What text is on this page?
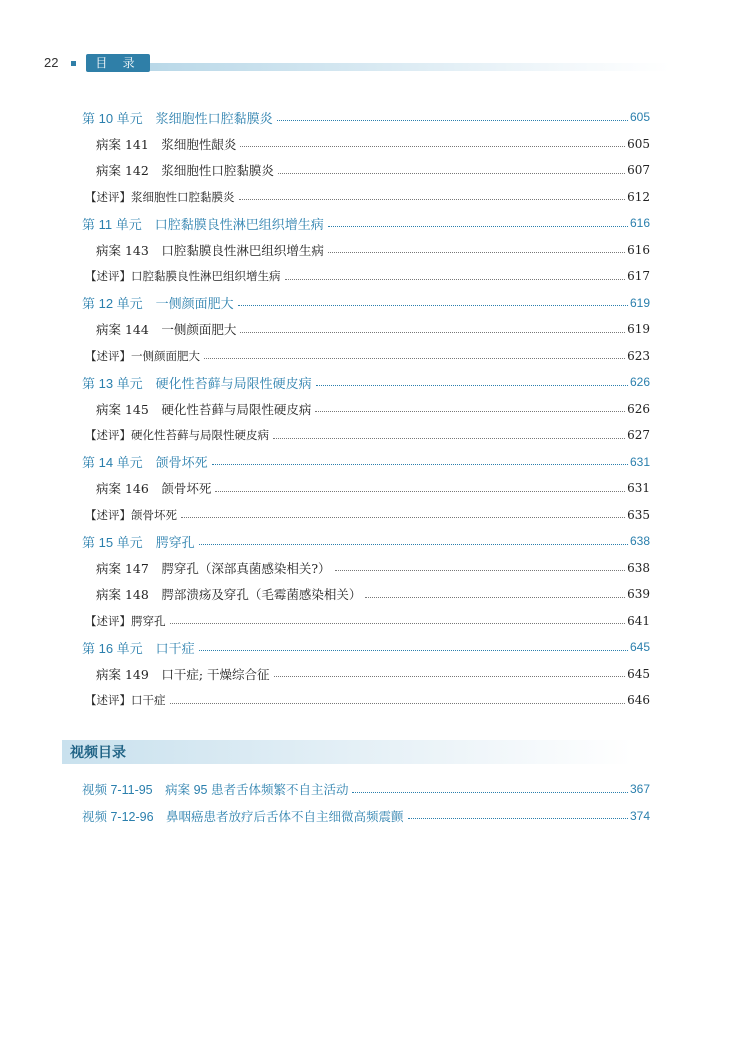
22	目 录
第 10 单元　浆细胞性口腔黏膜炎	605
病案 141　浆细胞性龈炎	605
病案 142　浆细胞性口腔黏膜炎	607
【述评】浆细胞性口腔黏膜炎	612
第 11 单元　口腔黏膜良性淋巴组织增生病	616
病案 143　口腔黏膜良性淋巴组织增生病	616
【述评】口腔黏膜良性淋巴组织增生病	617
第 12 单元　一侧颜面肥大	619
病案 144　一侧颜面肥大	619
【述评】一侧颜面肥大	623
第 13 单元　硬化性苔藓与局限性硬皮病	626
病案 145　硬化性苔藓与局限性硬皮病	626
【述评】硬化性苔藓与局限性硬皮病	627
第 14 单元　颌骨坏死	631
病案 146　颌骨坏死	631
【述评】颌骨坏死	635
第 15 单元　腭穿孔	638
病案 147　腭穿孔（深部真菌感染相关?）	638
病案 148　腭部溃疡及穿孔（毛霉菌感染相关）	639
【述评】腭穿孔	641
第 16 单元　口干症	645
病案 149　口干症; 干燥综合征	645
【述评】口干症	646
视频目录
视频 7-11-95　病案 95 患者舌体频繁不自主活动	367
视频 7-12-96　鼻咽癌患者放疗后舌体不自主细微高频震颤	374
